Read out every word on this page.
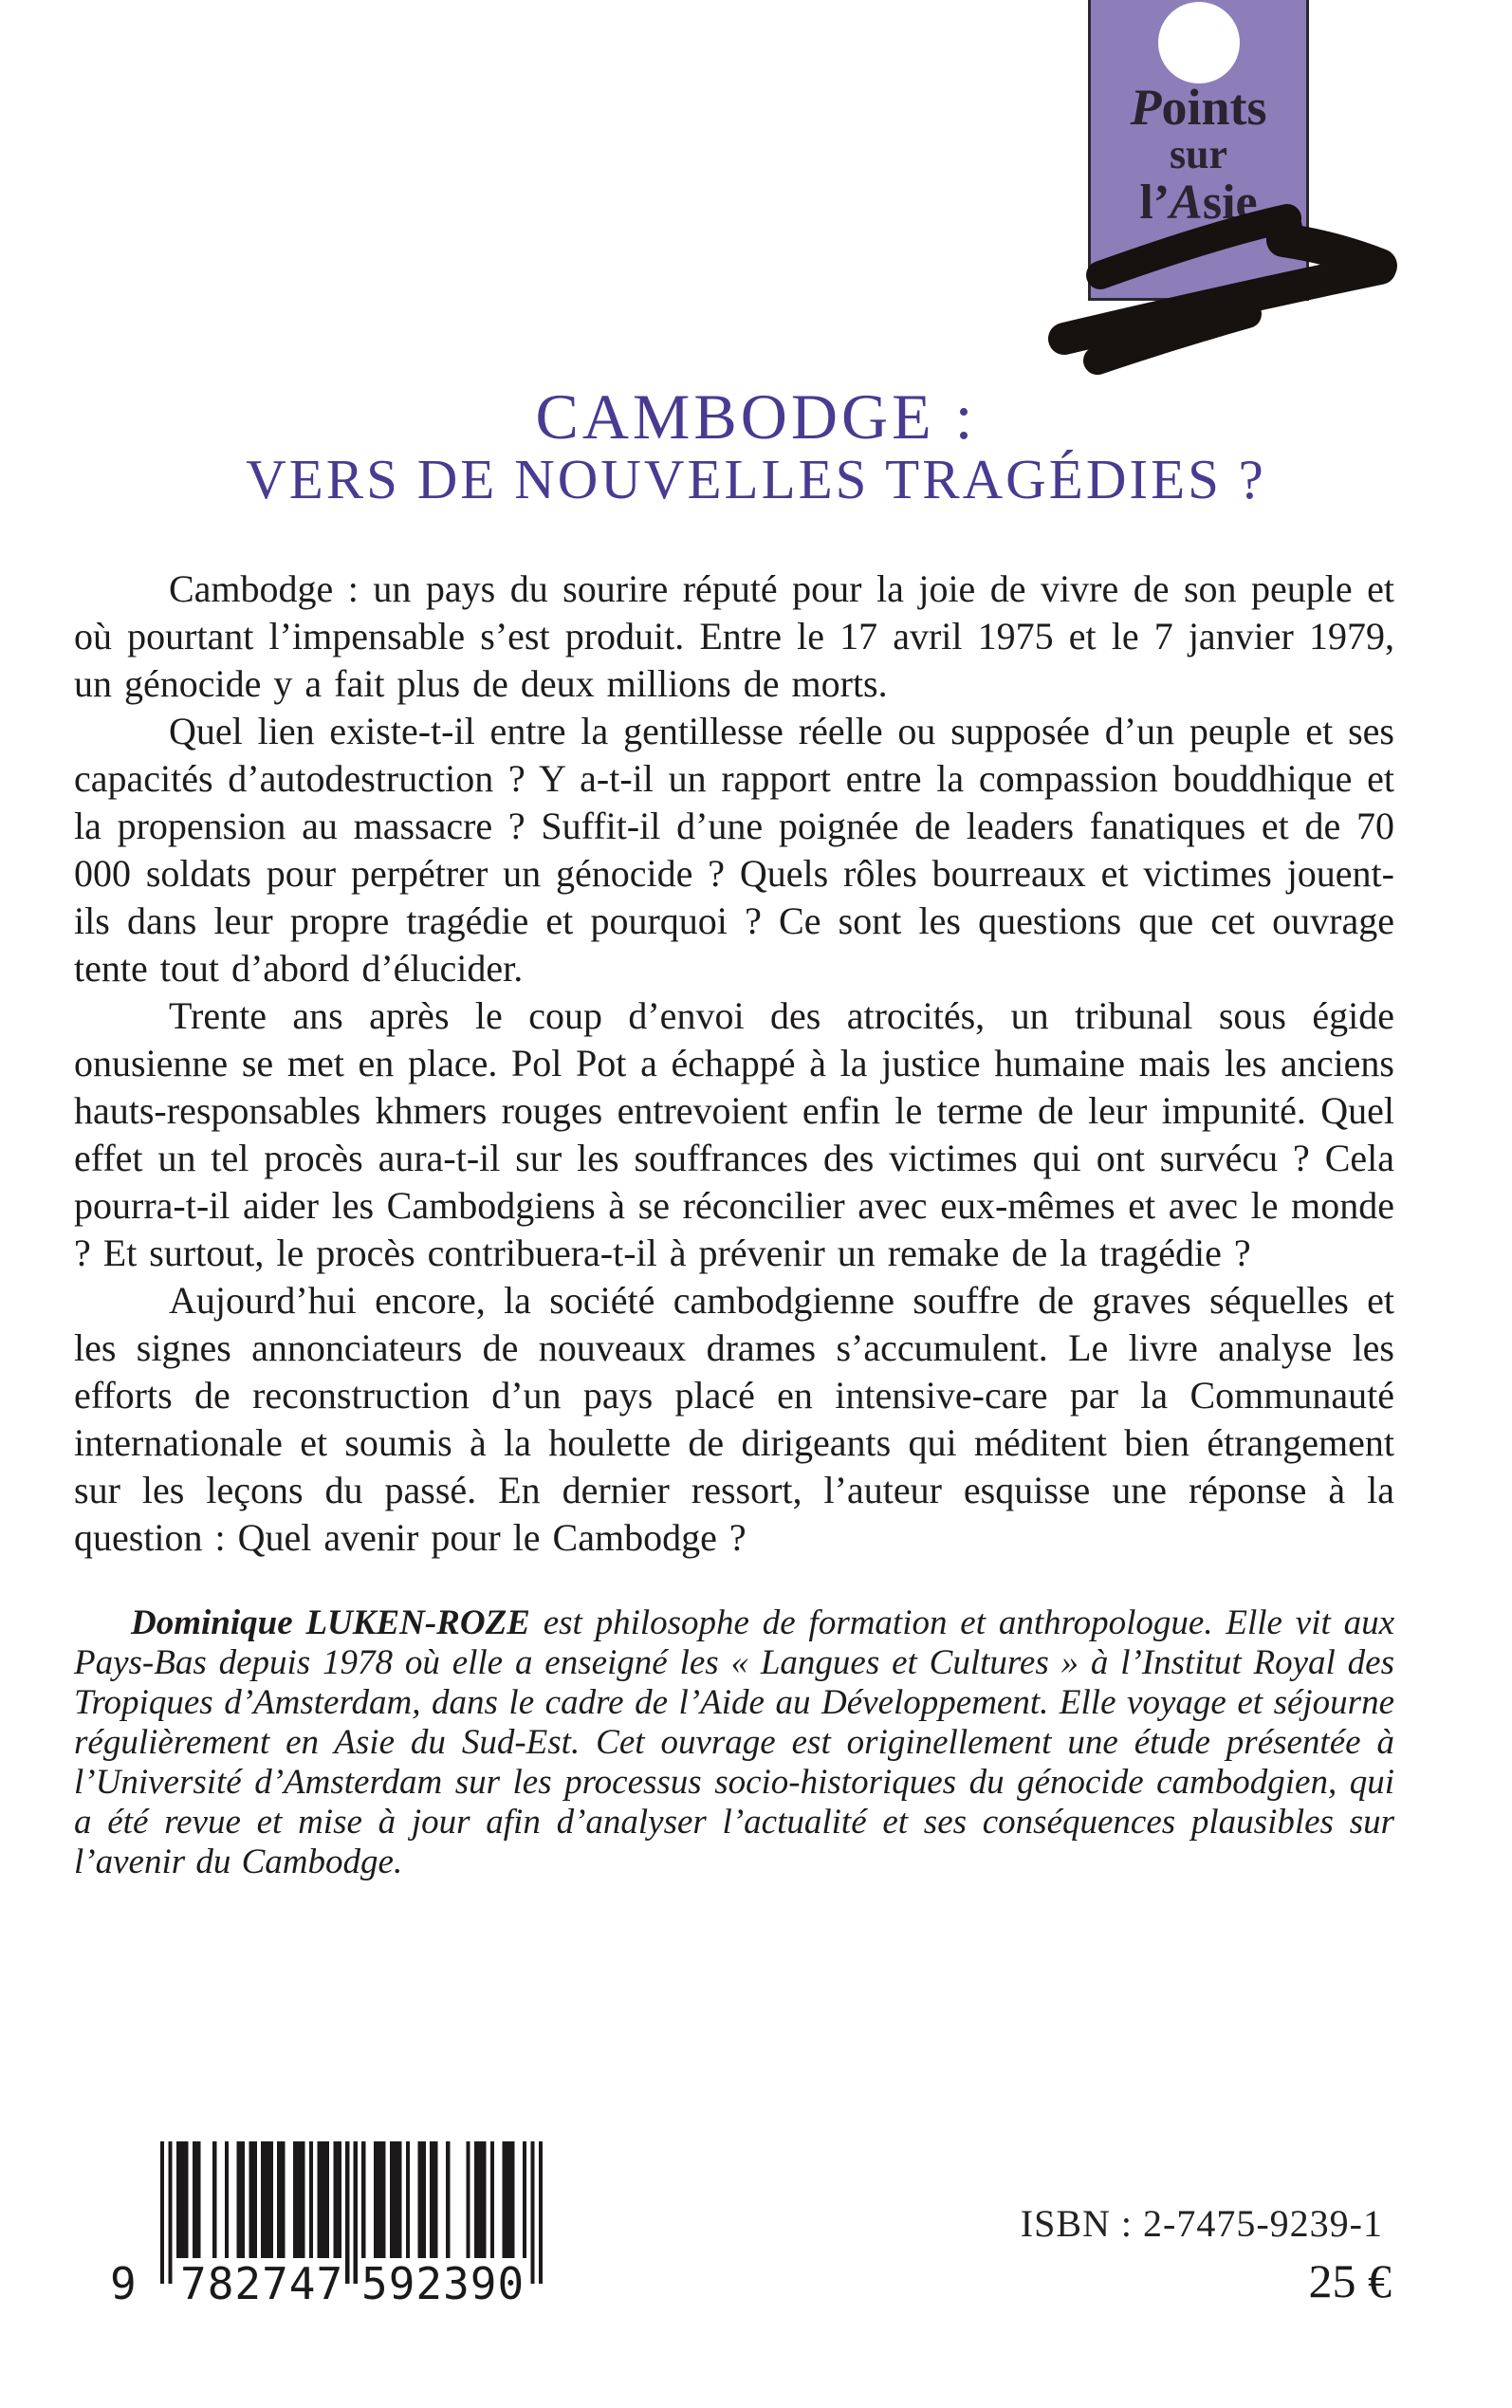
Points
sur
l’Asie
CAMBODGE :
VERS DE NOUVELLES TRAGÉDIES ?

Cambodge : un pays du sourire réputé pour la joie de vivre de son peuple et où pourtant l’impensable s’est produit. Entre le 17 avril 1975 et le 7 janvier 1979, un génocide y a fait plus de deux millions de morts.

Quel lien existe-t-il entre la gentillesse réelle ou supposée d’un peuple et ses capacités d’autodestruction ? Y a-t-il un rapport entre la compassion bouddhique et la propension au massacre ? Suffit-il d’une poignée de leaders fanatiques et de 70 000 soldats pour perpétrer un génocide ? Quels rôles bourreaux et victimes jouent-ils dans leur propre tragédie et pourquoi ? Ce sont les questions que cet ouvrage tente tout d’abord d’élucider.

Trente ans après le coup d’envoi des atrocités, un tribunal sous égide onusienne se met en place. Pol Pot a échappé à la justice humaine mais les anciens hauts-responsables khmers rouges entrevoient enfin le terme de leur impunité. Quel effet un tel procès aura-t-il sur les souffrances des victimes qui ont survécu ? Cela pourra-t-il aider les Cambodgiens à se réconcilier avec eux-mêmes et avec le monde ? Et surtout, le procès contribuera-t-il à prévenir un remake de la tragédie ?

Aujourd’hui encore, la société cambodgienne souffre de graves séquelles et les signes annonciateurs de nouveaux drames s’accumulent. Le livre analyse les efforts de reconstruction d’un pays placé en intensive-care par la Communauté internationale et soumis à la houlette de dirigeants qui méditent bien étrangement sur les leçons du passé. En dernier ressort, l’auteur esquisse une réponse à la question : Quel avenir pour le Cambodge ?

Dominique LUKEN-ROZE est philosophe de formation et anthropologue. Elle vit aux Pays-Bas depuis 1978 où elle a enseigné les « Langues et Cultures » à l’Institut Royal des Tropiques d’Amsterdam, dans le cadre de l’Aide au Développement. Elle voyage et séjourne régulièrement en Asie du Sud-Est. Cet ouvrage est originellement une étude présentée à l’Université d’Amsterdam sur les processus socio-historiques du génocide cambodgien, qui a été revue et mise à jour afin d’analyser l’actualité et ses conséquences plausibles sur l’avenir du Cambodge.

9 782747 592390
ISBN : 2-7475-9239-1
25 €
